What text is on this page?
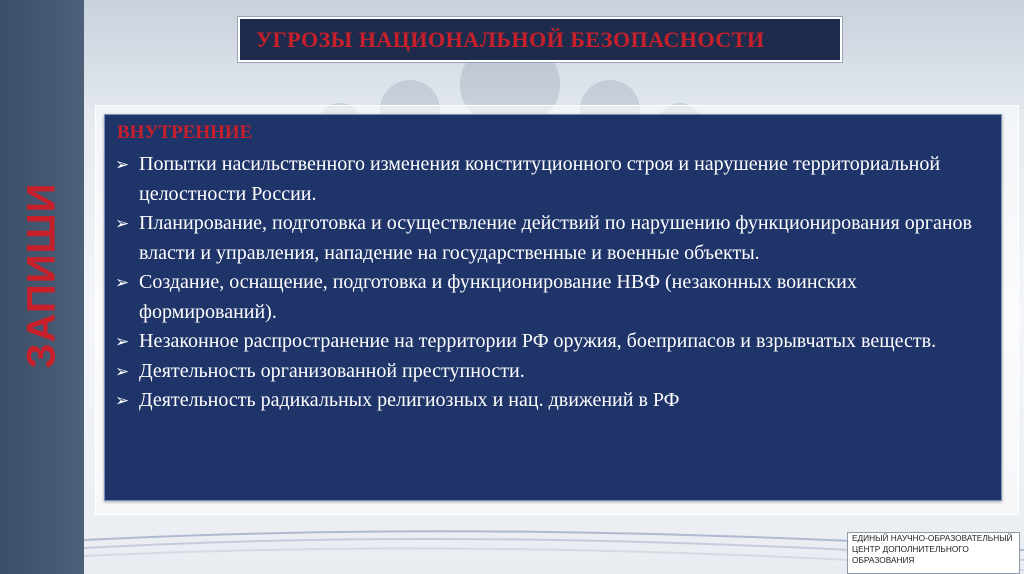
ЗАПИШИ
УГРОЗЫ НАЦИОНАЛЬНОЙ БЕЗОПАСНОСТИ
ВНУТРЕННИЕ
➢ Попытки насильственного изменения конституционного строя и нарушение территориальной целостности России.
➢ Планирование, подготовка и осуществление действий по нарушению функционирования органов власти и управления, нападение на государственные и военные объекты.
➢ Создание, оснащение, подготовка и функционирование НВФ (незаконных воинских формирований).
➢ Незаконное распространение на территории РФ оружия, боеприпасов и взрывчатых веществ.
➢ Деятельность организованной преступности.
➢ Деятельность радикальных религиозных и нац. движений в РФ
ЕДИНЫЙ НАУЧНО-ОБРАЗОВАТЕЛЬНЫЙ
ЦЕНТР ДОПОЛНИТЕЛЬНОГО
ОБРАЗОВАНИЯ
